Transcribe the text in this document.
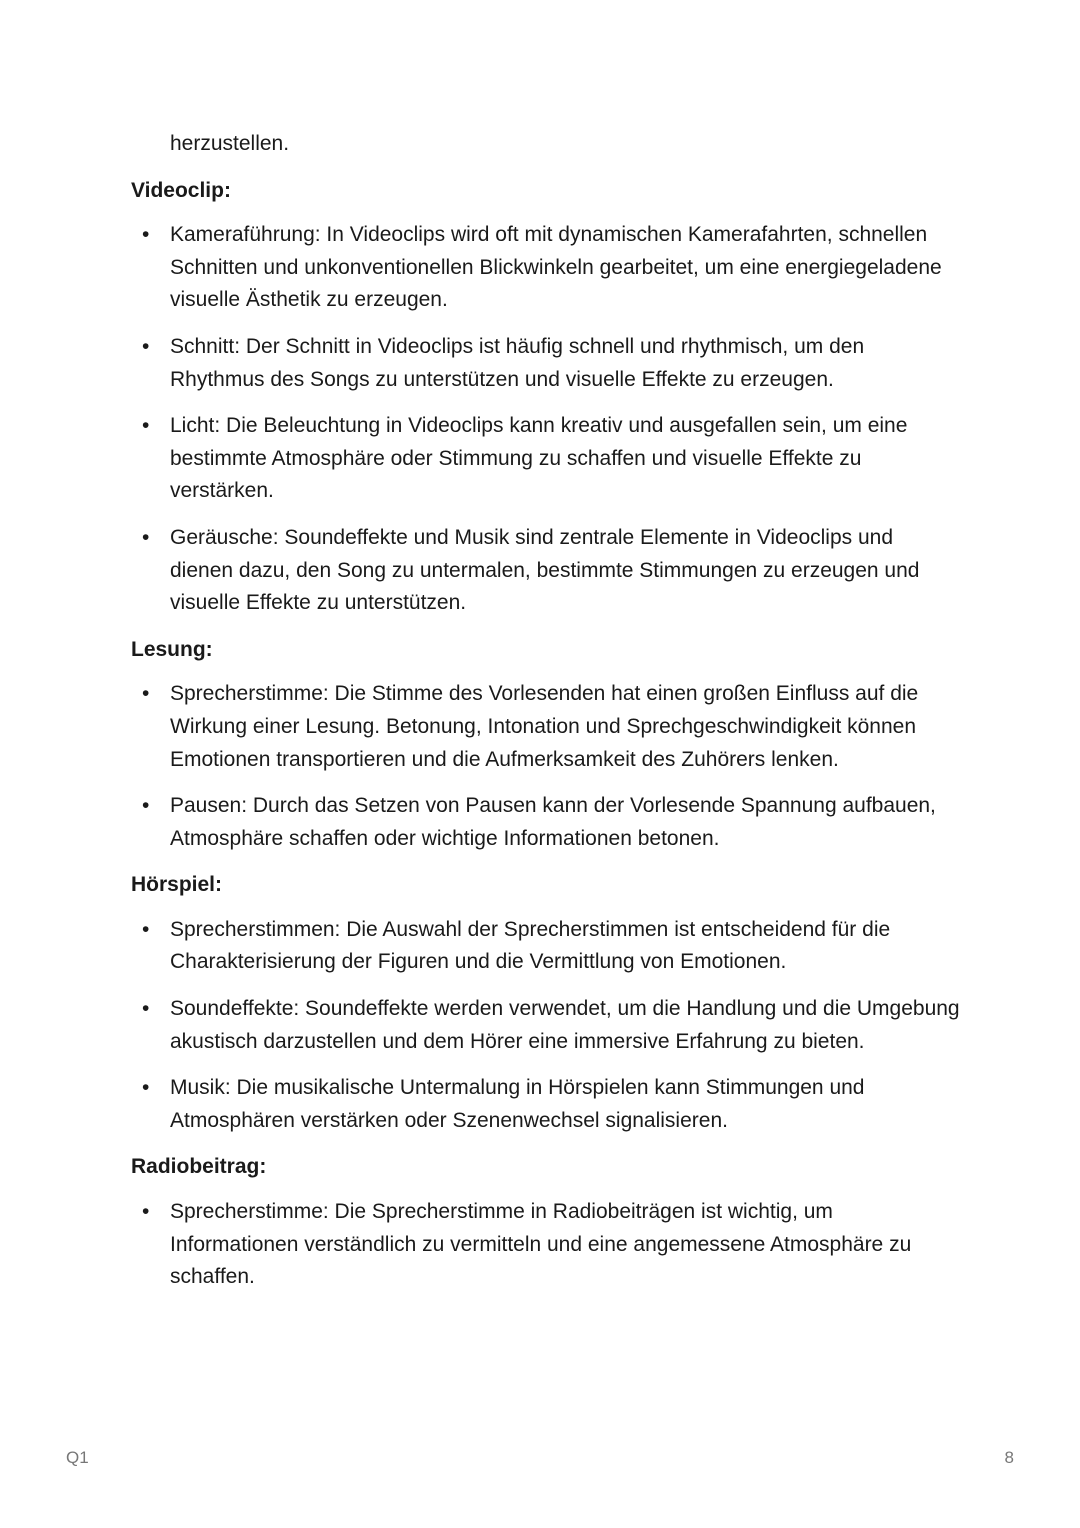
herzustellen.
Videoclip:
• Kameraführung: In Videoclips wird oft mit dynamischen Kamerafahrten, schnellen Schnitten und unkonventionellen Blickwinkeln gearbeitet, um eine energiegeladene visuelle Ästhetik zu erzeugen.
• Schnitt: Der Schnitt in Videoclips ist häufig schnell und rhythmisch, um den Rhythmus des Songs zu unterstützen und visuelle Effekte zu erzeugen.
• Licht: Die Beleuchtung in Videoclips kann kreativ und ausgefallen sein, um eine bestimmte Atmosphäre oder Stimmung zu schaffen und visuelle Effekte zu verstärken.
• Geräusche: Soundeffekte und Musik sind zentrale Elemente in Videoclips und dienen dazu, den Song zu untermalen, bestimmte Stimmungen zu erzeugen und visuelle Effekte zu unterstützen.
Lesung:
• Sprecherstimme: Die Stimme des Vorlesenden hat einen großen Einfluss auf die Wirkung einer Lesung. Betonung, Intonation und Sprechgeschwindigkeit können Emotionen transportieren und die Aufmerksamkeit des Zuhörers lenken.
• Pausen: Durch das Setzen von Pausen kann der Vorlesende Spannung aufbauen, Atmosphäre schaffen oder wichtige Informationen betonen.
Hörspiel:
• Sprecherstimmen: Die Auswahl der Sprecherstimmen ist entscheidend für die Charakterisierung der Figuren und die Vermittlung von Emotionen.
• Soundeffekte: Soundeffekte werden verwendet, um die Handlung und die Umgebung akustisch darzustellen und dem Hörer eine immersive Erfahrung zu bieten.
• Musik: Die musikalische Untermalung in Hörspielen kann Stimmungen und Atmosphären verstärken oder Szenenwechsel signalisieren.
Radiobeitrag:
• Sprecherstimme: Die Sprecherstimme in Radiobeiträgen ist wichtig, um Informationen verständlich zu vermitteln und eine angemessene Atmosphäre zu schaffen.
Q1	8
